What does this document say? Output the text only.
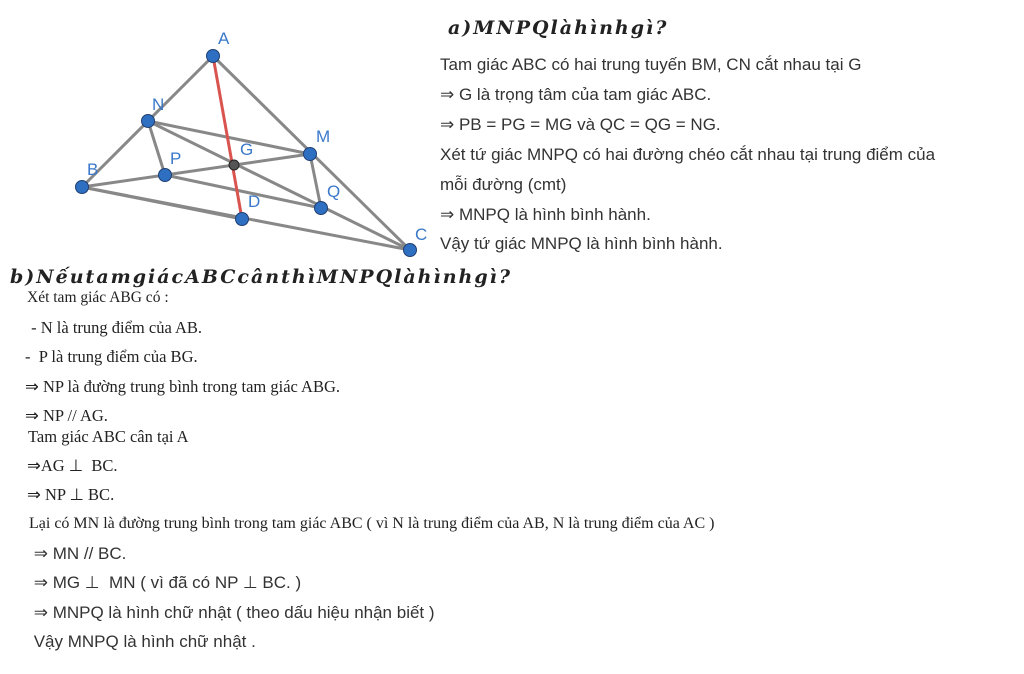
A
N
M
G
P
B
Q
D
C
a)MNPQlàhìnhgì?
Tam giác ABC có hai trung tuyến BM, CN cắt nhau tại G
⇒ G là trọng tâm của tam giác ABC.
⇒ PB = PG = MG và QC = QG = NG.
Xét tứ giác MNPQ có hai đường chéo cắt nhau tại trung điểm của
mỗi đường (cmt)
⇒ MNPQ là hình bình hành.
Vậy tứ giác MNPQ là hình bình hành.
b)NếutamgiácABCcânthìMNPQlàhìnhgì?
Xét tam giác ABG có :
- N là trung điểm của AB.
-  P là trung điểm của BG.
⇒ NP là đường trung bình trong tam giác ABG.
⇒ NP // AG.
Tam giác ABC cân tại A
⇒AG ⊥  BC.
⇒ NP ⊥ BC.
Lại có MN là đường trung bình trong tam giác ABC ( vì N là trung điểm của AB, N là trung điểm của AC )
⇒ MN // BC.
⇒ MG ⊥  MN ( vì đã có NP ⊥ BC. )
⇒ MNPQ là hình chữ nhật ( theo dấu hiệu nhận biết )
Vậy MNPQ là hình chữ nhật .
